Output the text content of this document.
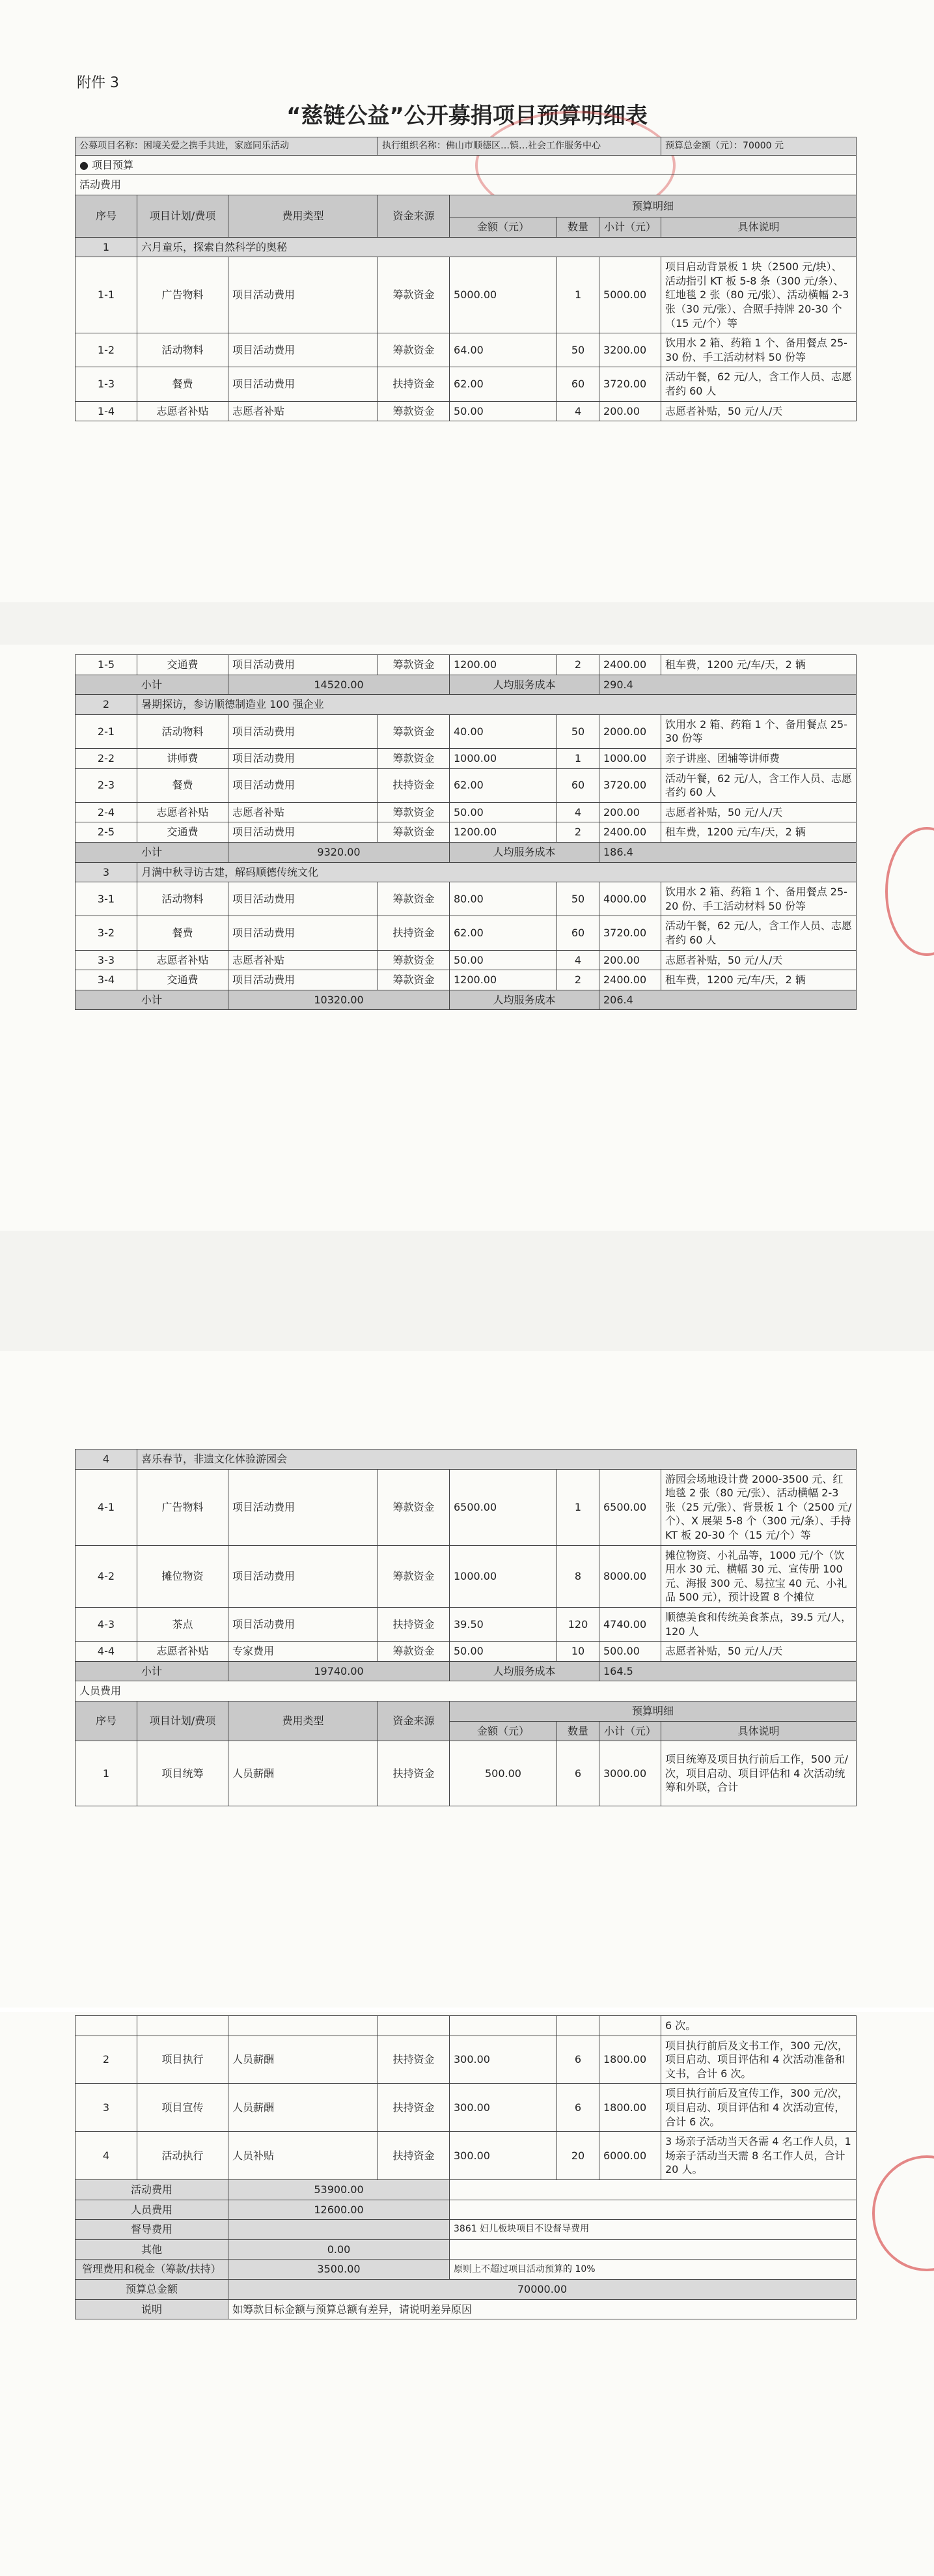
附件 3
“慈链公益”公开募捐项目预算明细表
公募项目名称：困境关爱之携手共进，家庭同乐活动			执行组织名称：佛山市顺德区…镇…社会工作服务中心				预算总金额（元）：70000 元
● 项目预算							
活动费用							
序号	项目计划/费项	费用类型	资金来源	预算明细			
				金额（元）	数量	小计（元）	具体说明
1	六月童乐，探索自然科学的奥秘						
1-1	广告物料	项目活动费用	筹款资金	5000.00	1	5000.00	项目启动背景板 1 块（2500 元/块）、活动指引 KT 板 5-8 条（300 元/条）、红地毯 2 张（80 元/张）、活动横幅 2-3 张（30 元/张）、合照手持牌 20-30 个（15 元/个）等
1-2	活动物料	项目活动费用	筹款资金	64.00	50	3200.00	饮用水 2 箱、药箱 1 个、备用餐点 25-30 份、手工活动材料 50 份等
1-3	餐费	项目活动费用	扶持资金	62.00	60	3720.00	活动午餐，62 元/人，含工作人员、志愿者约 60 人
1-4	志愿者补贴	志愿者补贴	筹款资金	50.00	4	200.00	志愿者补贴，50 元/人/天
1-5	交通费	项目活动费用	筹款资金	1200.00	2	2400.00	租车费，1200 元/车/天，2 辆
小计		14520.00		人均服务成本		290.4	
2	暑期探访，参访顺德制造业 100 强企业						
2-1	活动物料	项目活动费用	筹款资金	40.00	50	2000.00	饮用水 2 箱、药箱 1 个、备用餐点 25-30 份等
2-2	讲师费	项目活动费用	筹款资金	1000.00	1	1000.00	亲子讲座、团辅等讲师费
2-3	餐费	项目活动费用	扶持资金	62.00	60	3720.00	活动午餐，62 元/人，含工作人员、志愿者约 60 人
2-4	志愿者补贴	志愿者补贴	筹款资金	50.00	4	200.00	志愿者补贴，50 元/人/天
2-5	交通费	项目活动费用	筹款资金	1200.00	2	2400.00	租车费，1200 元/车/天，2 辆
小计		9320.00		人均服务成本		186.4	
3	月满中秋寻访古建，解码顺德传统文化						
3-1	活动物料	项目活动费用	筹款资金	80.00	50	4000.00	饮用水 2 箱、药箱 1 个、备用餐点 25-20 份、手工活动材料 50 份等
3-2	餐费	项目活动费用	扶持资金	62.00	60	3720.00	活动午餐，62 元/人，含工作人员、志愿者约 60 人
3-3	志愿者补贴	志愿者补贴	筹款资金	50.00	4	200.00	志愿者补贴，50 元/人/天
3-4	交通费	项目活动费用	筹款资金	1200.00	2	2400.00	租车费，1200 元/车/天，2 辆
小计		10320.00		人均服务成本		206.4	
4	喜乐春节，非遗文化体验游园会						
4-1	广告物料	项目活动费用	筹款资金	6500.00	1	6500.00	游园会场地设计费 2000-3500 元、红地毯 2 张（80 元/张）、活动横幅 2-3 张（25 元/张）、背景板 1 个（2500 元/个）、X 展架 5-8 个（300 元/条）、手持 KT 板 20-30 个（15 元/个）等
4-2	摊位物资	项目活动费用	筹款资金	1000.00	8	8000.00	摊位物资、小礼品等，1000 元/个（饮用水 30 元、横幅 30 元、宣传册 100 元、海报 300 元、易拉宝 40 元、小礼品 500 元），预计设置 8 个摊位
4-3	茶点	项目活动费用	扶持资金	39.50	120	4740.00	顺德美食和传统美食茶点，39.5 元/人，120 人
4-4	志愿者补贴	专家费用	筹款资金	50.00	10	500.00	志愿者补贴，50 元/人/天
小计		19740.00		人均服务成本		164.5	
人员费用							
序号	项目计划/费项	费用类型	资金来源	预算明细			
				金额（元）	数量	小计（元）	具体说明
1	项目统筹	人员薪酬	扶持资金	500.00	6	3000.00	项目统筹及项目执行前后工作，500 元/次，项目启动、项目评估和 4 次活动统筹和外联，合计
							6 次。
2	项目执行	人员薪酬	扶持资金	300.00	6	1800.00	项目执行前后及文书工作，300 元/次，项目启动、项目评估和 4 次活动准备和文书，合计 6 次。
3	项目宣传	人员薪酬	扶持资金	300.00	6	1800.00	项目执行前后及宣传工作，300 元/次，项目启动、项目评估和 4 次活动宣传，合计 6 次。
4	活动执行	人员补贴	扶持资金	300.00	20	6000.00	3 场亲子活动当天各需 4 名工作人员，1 场亲子活动当天需 8 名工作人员，合计 20 人。
活动费用		53900.00					
人员费用		12600.00					
督导费用				3861 妇儿板块项目不设督导费用			
其他		0.00					
管理费用和税金（筹款/扶持）		3500.00		原则上不超过项目活动预算的 10%			
预算总金额		70000.00					
说明		如筹款目标金额与预算总额有差异，请说明差异原因					
